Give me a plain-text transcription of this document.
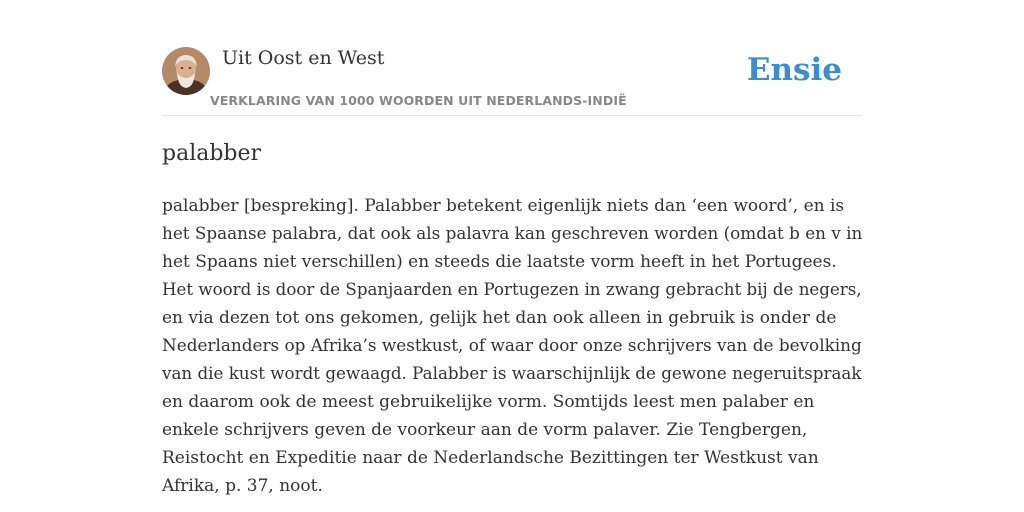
Uit Oost en West
VERKLARING VAN 1000 WOORDEN UIT NEDERLANDS-INDIË
Ensie
palabber
palabber [bespreking]. Palabber betekent eigenlijk niets dan ‘een woord’, en is
het Spaanse palabra, dat ook als palavra kan geschreven worden (omdat b en v in
het Spaans niet verschillen) en steeds die laatste vorm heeft in het Portugees.
Het woord is door de Spanjaarden en Portugezen in zwang gebracht bij de negers,
en via dezen tot ons gekomen, gelijk het dan ook alleen in gebruik is onder de
Nederlanders op Afrika’s westkust, of waar door onze schrijvers van de bevolking
van die kust wordt gewaagd. Palabber is waarschijnlijk de gewone negeruitspraak
en daarom ook de meest gebruikelijke vorm. Somtijds leest men palaber en
enkele schrijvers geven de voorkeur aan de vorm palaver. Zie Tengbergen,
Reistocht en Expeditie naar de Nederlandsche Bezittingen ter Westkust van
Afrika, p. 37, noot.
